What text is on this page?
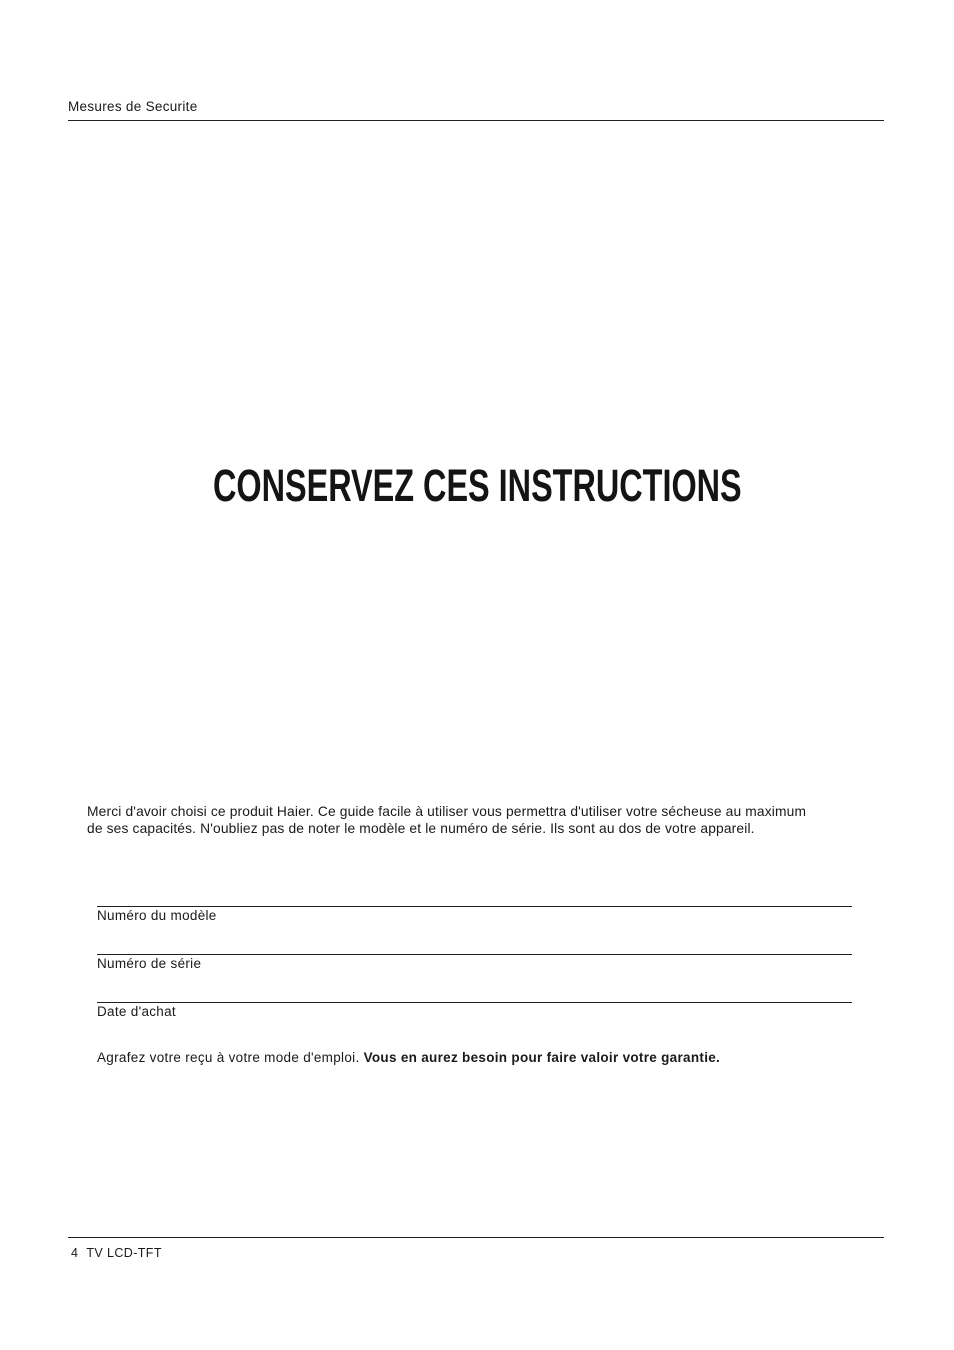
Mesures de Securite
CONSERVEZ CES INSTRUCTIONS

Merci d'avoir choisi ce produit Haier. Ce guide facile à utiliser vous permettra d'utiliser votre sécheuse au maximum

de ses capacités. N'oubliez pas de noter le modèle et le numéro de série. Ils sont au dos de votre appareil.

Numéro du modèle
Numéro de série
Date d'achat
Agrafez votre reçu à votre mode d'emploi. Vous en aurez besoin pour faire valoir votre garantie.
4 TV LCD-TFT
